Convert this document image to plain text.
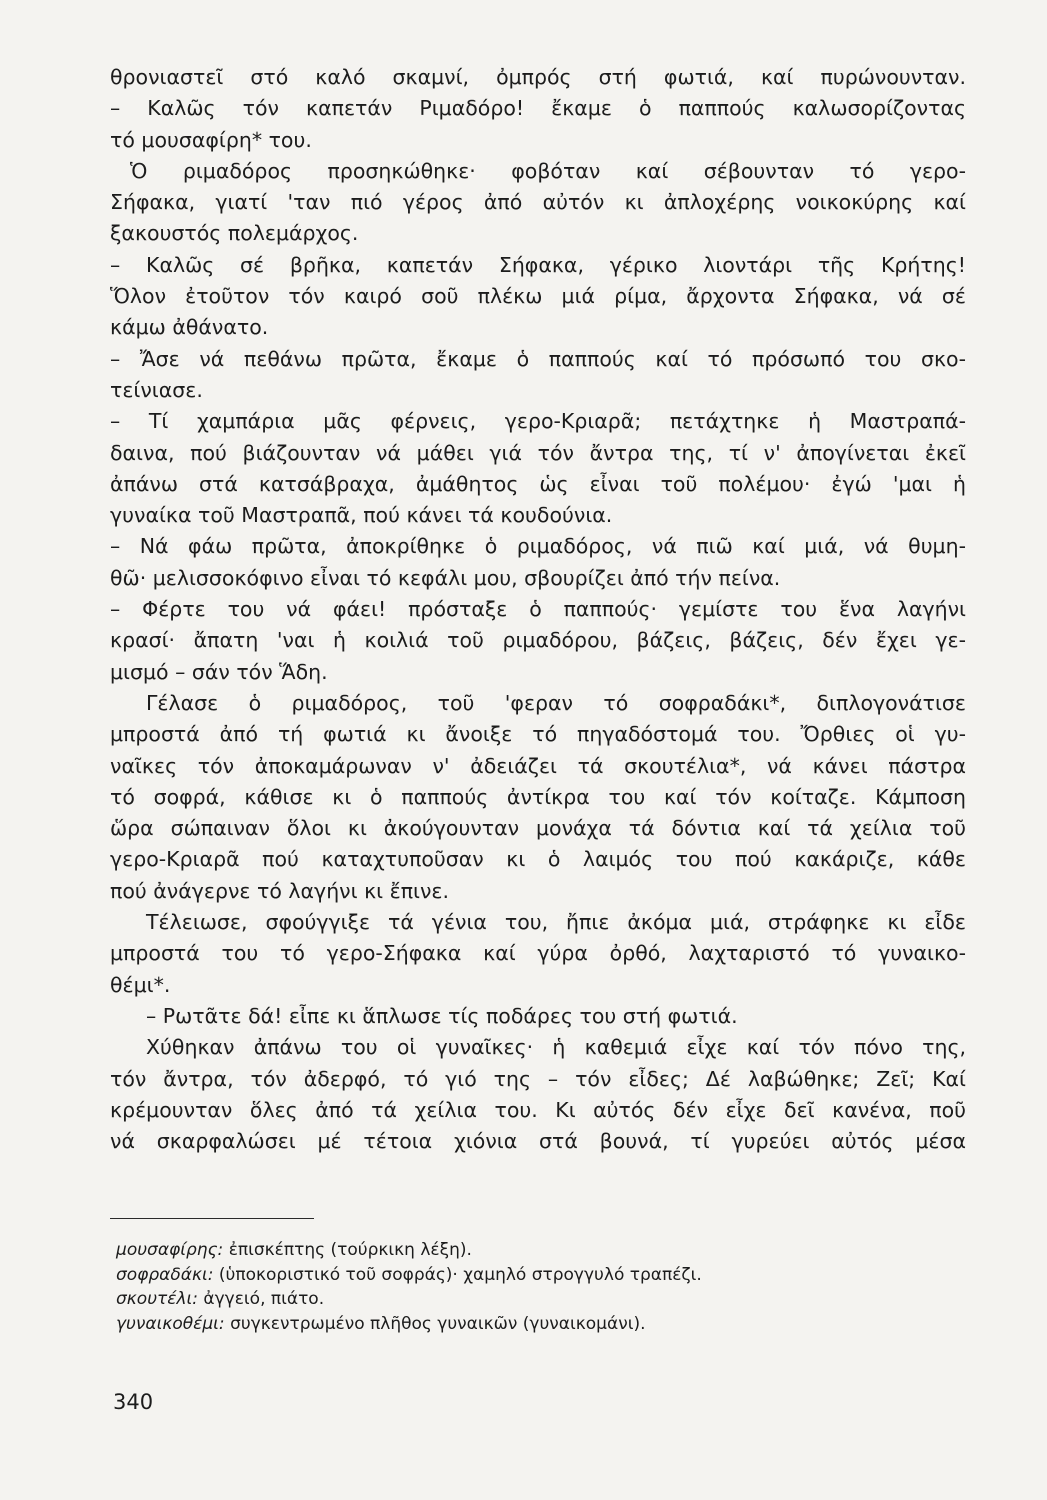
θρονιαστεῖ στό καλό σκαμνί, ὀμπρός στή φωτιά, καί πυρώνουνταν.
– Καλῶς τόν καπετάν Ριμαδόρο! ἔκαμε ὁ παππούς καλωσορίζοντας
τό μουσαφίρη* του.
Ὁ ριμαδόρος προσηκώθηκε· φοβόταν καί σέβουνταν τό γερο-
Σήφακα, γιατί 'ταν πιό γέρος ἀπό αὐτόν κι ἀπλοχέρης νοικοκύρης καί
ξακουστός πολεμάρχος.
– Καλῶς σέ βρῆκα, καπετάν Σήφακα, γέρικο λιοντάρι τῆς Κρήτης!
Ὅλον ἐτοῦτον τόν καιρό σοῦ πλέκω μιά ρίμα, ἄρχοντα Σήφακα, νά σέ
κάμω ἀθάνατο.
– Ἄσε νά πεθάνω πρῶτα, ἔκαμε ὁ παππούς καί τό πρόσωπό του σκο-
τείνιασε.
– Τί χαμπάρια μᾶς φέρνεις, γερο-Κριαρᾶ; πετάχτηκε ἡ Μαστραπά-
δαινα, πού βιάζουνταν νά μάθει γιά τόν ἄντρα της, τί ν' ἀπογίνεται ἐκεῖ
ἀπάνω στά κατσάβραχα, ἀμάθητος ὡς εἶναι τοῦ πολέμου· ἐγώ 'μαι ἡ
γυναίκα τοῦ Μαστραπᾶ, πού κάνει τά κουδούνια.
– Νά φάω πρῶτα, ἀποκρίθηκε ὁ ριμαδόρος, νά πιῶ καί μιά, νά θυμη-
θῶ· μελισσοκόφινο εἶναι τό κεφάλι μου, σβουρίζει ἀπό τήν πείνα.
– Φέρτε του νά φάει! πρόσταξε ὁ παππούς· γεμίστε του ἕνα λαγήνι
κρασί· ἄπατη 'ναι ἡ κοιλιά τοῦ ριμαδόρου, βάζεις, βάζεις, δέν ἔχει γε-
μισμό – σάν τόν Ἅδη.
Γέλασε ὁ ριμαδόρος, τοῦ 'φεραν τό σοφραδάκι*, διπλογονάτισε
μπροστά ἀπό τή φωτιά κι ἄνοιξε τό πηγαδόστομά του. Ὄρθιες οἱ γυ-
ναῖκες τόν ἀποκαμάρωναν ν' ἀδειάζει τά σκουτέλια*, νά κάνει πάστρα
τό σοφρά, κάθισε κι ὁ παππούς ἀντίκρα του καί τόν κοίταζε. Κάμποση
ὥρα σώπαιναν ὅλοι κι ἀκούγουνταν μονάχα τά δόντια καί τά χείλια τοῦ
γερο-Κριαρᾶ πού καταχτυποῦσαν κι ὁ λαιμός του πού κακάριζε, κάθε
πού ἀνάγερνε τό λαγήνι κι ἔπινε.
Τέλειωσε, σφούγγιξε τά γένια του, ἤπιε ἀκόμα μιά, στράφηκε κι εἶδε
μπροστά του τό γερο-Σήφακα καί γύρα ὀρθό, λαχταριστό τό γυναικο-
θέμι*.
– Ρωτᾶτε δά! εἶπε κι ἅπλωσε τίς ποδάρες του στή φωτιά.
Χύθηκαν ἀπάνω του οἱ γυναῖκες· ἡ καθεμιά εἶχε καί τόν πόνο της,
τόν ἄντρα, τόν ἀδερφό, τό γιό της – τόν εἶδες; Δέ λαβώθηκε; Ζεῖ; Καί
κρέμουνταν ὅλες ἀπό τά χείλια του. Κι αὐτός δέν εἶχε δεῖ κανένα, ποῦ
νά σκαρφαλώσει μέ τέτοια χιόνια στά βουνά, τί γυρεύει αὐτός μέσα
μουσαφίρης: ἐπισκέπτης (τούρκικη λέξη).
σοφραδάκι: (ὑποκοριστικό τοῦ σοφράς)· χαμηλό στρογγυλό τραπέζι.
σκουτέλι: ἀγγειό, πιάτο.
γυναικοθέμι: συγκεντρωμένο πλῆθος γυναικῶν (γυναικομάνι).
340
